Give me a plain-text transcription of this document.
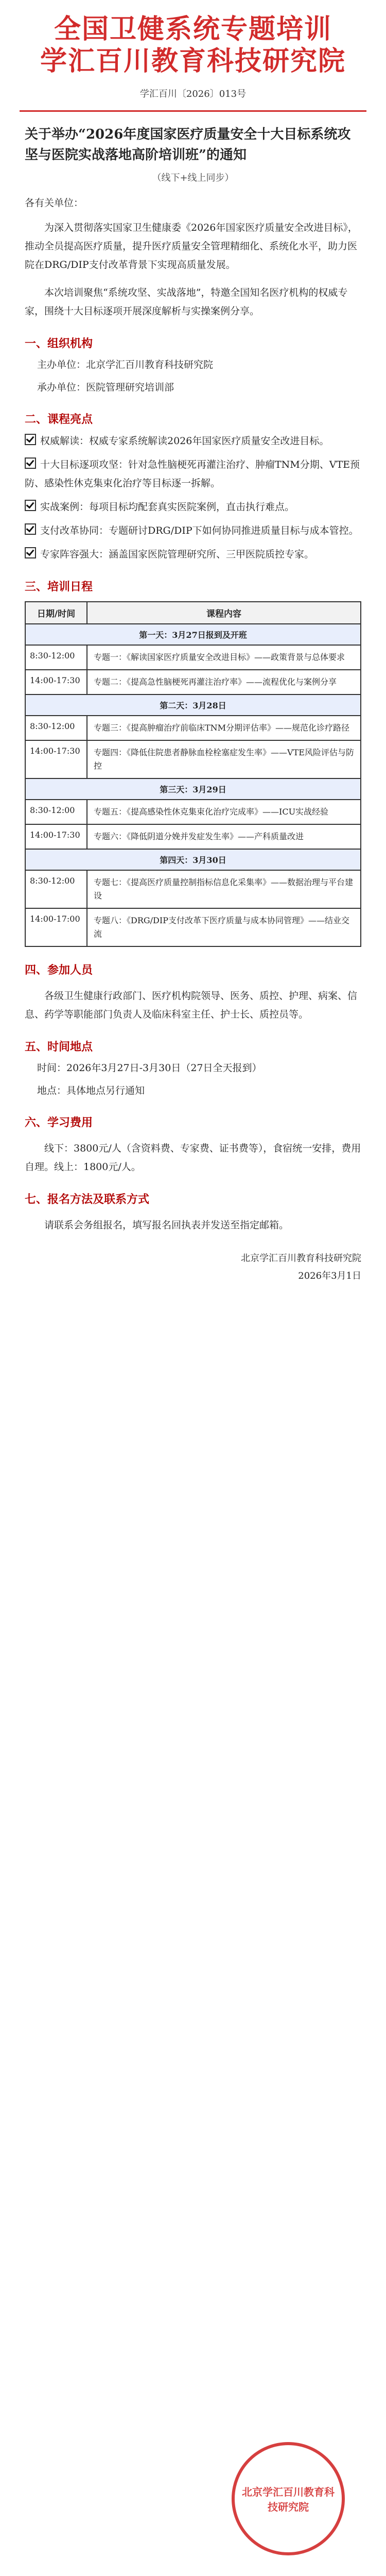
全国卫健系统专题培训
学汇百川教育科技研究院
学汇百川〔2026〕013号
关于举办“2026年度国家医疗质量安全十大目标系统攻坚与医院实战落地高阶培训班”的通知
（线下+线上同步）
各有关单位：
为深入贯彻落实国家卫生健康委《2026年国家医疗质量安全改进目标》，推动全员提高医疗质量，提升医疗质量安全管理精细化、系统化水平，助力医院在DRG/DIP支付改革背景下实现高质量发展。
本次培训聚焦“系统攻坚、实战落地”，特邀全国知名医疗机构的权威专家，围绕十大目标逐项开展深度解析与实操案例分享。
一、组织机构
主办单位：北京学汇百川教育科技研究院
承办单位：医院管理研究培训部
二、课程亮点
权威解读：权威专家系统解读2026年国家医疗质量安全改进目标。
十大目标逐项攻坚：针对急性脑梗死再灌注治疗、肿瘤TNM分期、VTE预防、感染性休克集束化治疗等目标逐一拆解。
实战案例：每项目标均配套真实医院案例，直击执行难点。
支付改革协同：专题研讨DRG/DIP下如何协同推进质量目标与成本管控。
专家阵容强大：涵盖国家医院管理研究所、三甲医院质控专家。
三、培训日程
日期/时间	课程内容
第一天：3月27日报到及开班
8:30-12:00	专题一：《解读国家医疗质量安全改进目标》——政策背景与总体要求
14:00-17:30	专题二：《提高急性脑梗死再灌注治疗率》——流程优化与案例分享
第二天：3月28日
8:30-12:00	专题三：《提高肿瘤治疗前临床TNM分期评估率》——规范化诊疗路径
14:00-17:30	专题四：《降低住院患者静脉血栓栓塞症发生率》——VTE风险评估与防控
第三天：3月29日
8:30-12:00	专题五：《提高感染性休克集束化治疗完成率》——ICU实战经验
14:00-17:30	专题六：《降低阴道分娩并发症发生率》——产科质量改进
第四天：3月30日
8:30-12:00	专题七：《提高医疗质量控制指标信息化采集率》——数据治理与平台建设
14:00-17:00	专题八：《DRG/DIP支付改革下医疗质量与成本协同管理》——结业交流
四、参加人员
各级卫生健康行政部门、医疗机构院领导、医务、质控、护理、病案、信息、药学等职能部门负责人及临床科室主任、护士长、质控员等。
五、时间地点
时间：2026年3月27日-3月30日（27日全天报到）
地点：具体地点另行通知
六、学习费用
线下：3800元/人（含资料费、专家费、证书费等），食宿统一安排，费用自理。线上：1800元/人。
七、报名方法及联系方式
请联系会务组报名，填写报名回执表并发送至指定邮箱。
北京学汇百川教育科技研究院
2026年3月1日
北京学汇百川教育科技研究院
